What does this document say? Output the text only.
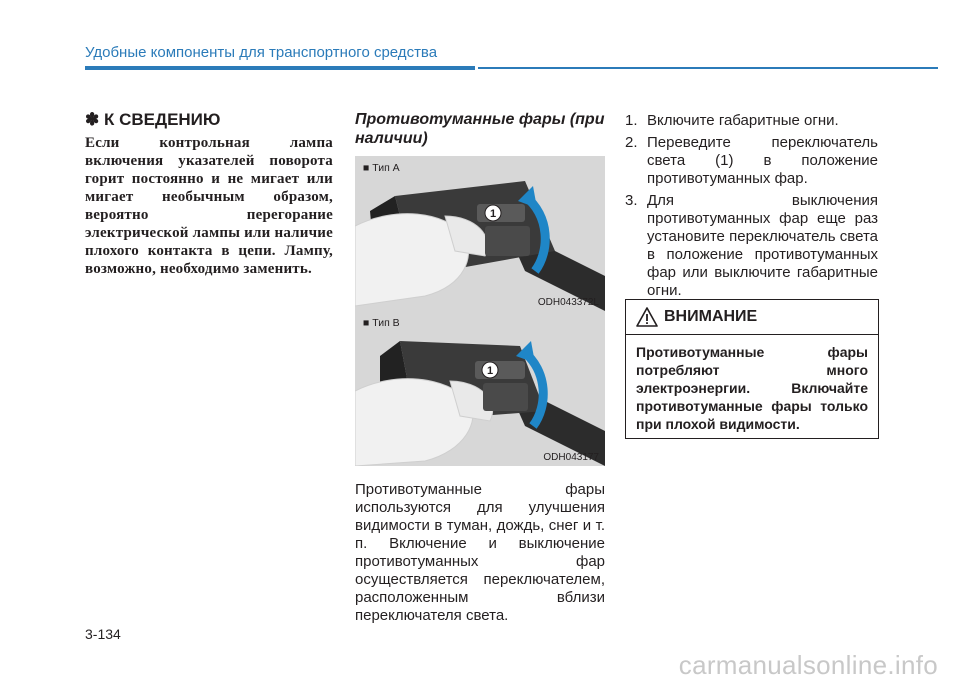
Удобные компоненты для транспортного средства
✽ К СВЕДЕНИЮ
Если контрольная лампа включения указателей поворота горит постоянно и не мигает или мигает необычным образом, вероятно перегорание электрической лампы или наличие плохого контакта в цепи. Лампу, возможно, необходимо заменить.
Противотуманные фары (при наличии)
1
■ Тип A
ODH043372L
1
■ Тип B
ODH043177
Противотуманные фары используются для улучшения видимости в туман, дождь, снег и т. п. Включение и выключение противотуманных фар осуществляется переключателем, расположенным вблизи переключателя света.
1. Включите габаритные огни.
2. Переведите переключатель света (1) в положение противотуманных фар.
3. Для выключения противотуманных фар еще раз установите переключатель света в положение противотуманных фар или выключите габаритные огни.
ВНИМАНИЕ
Противотуманные фары потребляют много электроэнергии. Включайте противотуманные фары только при плохой видимости.
3-134
carmanualsonline.info
